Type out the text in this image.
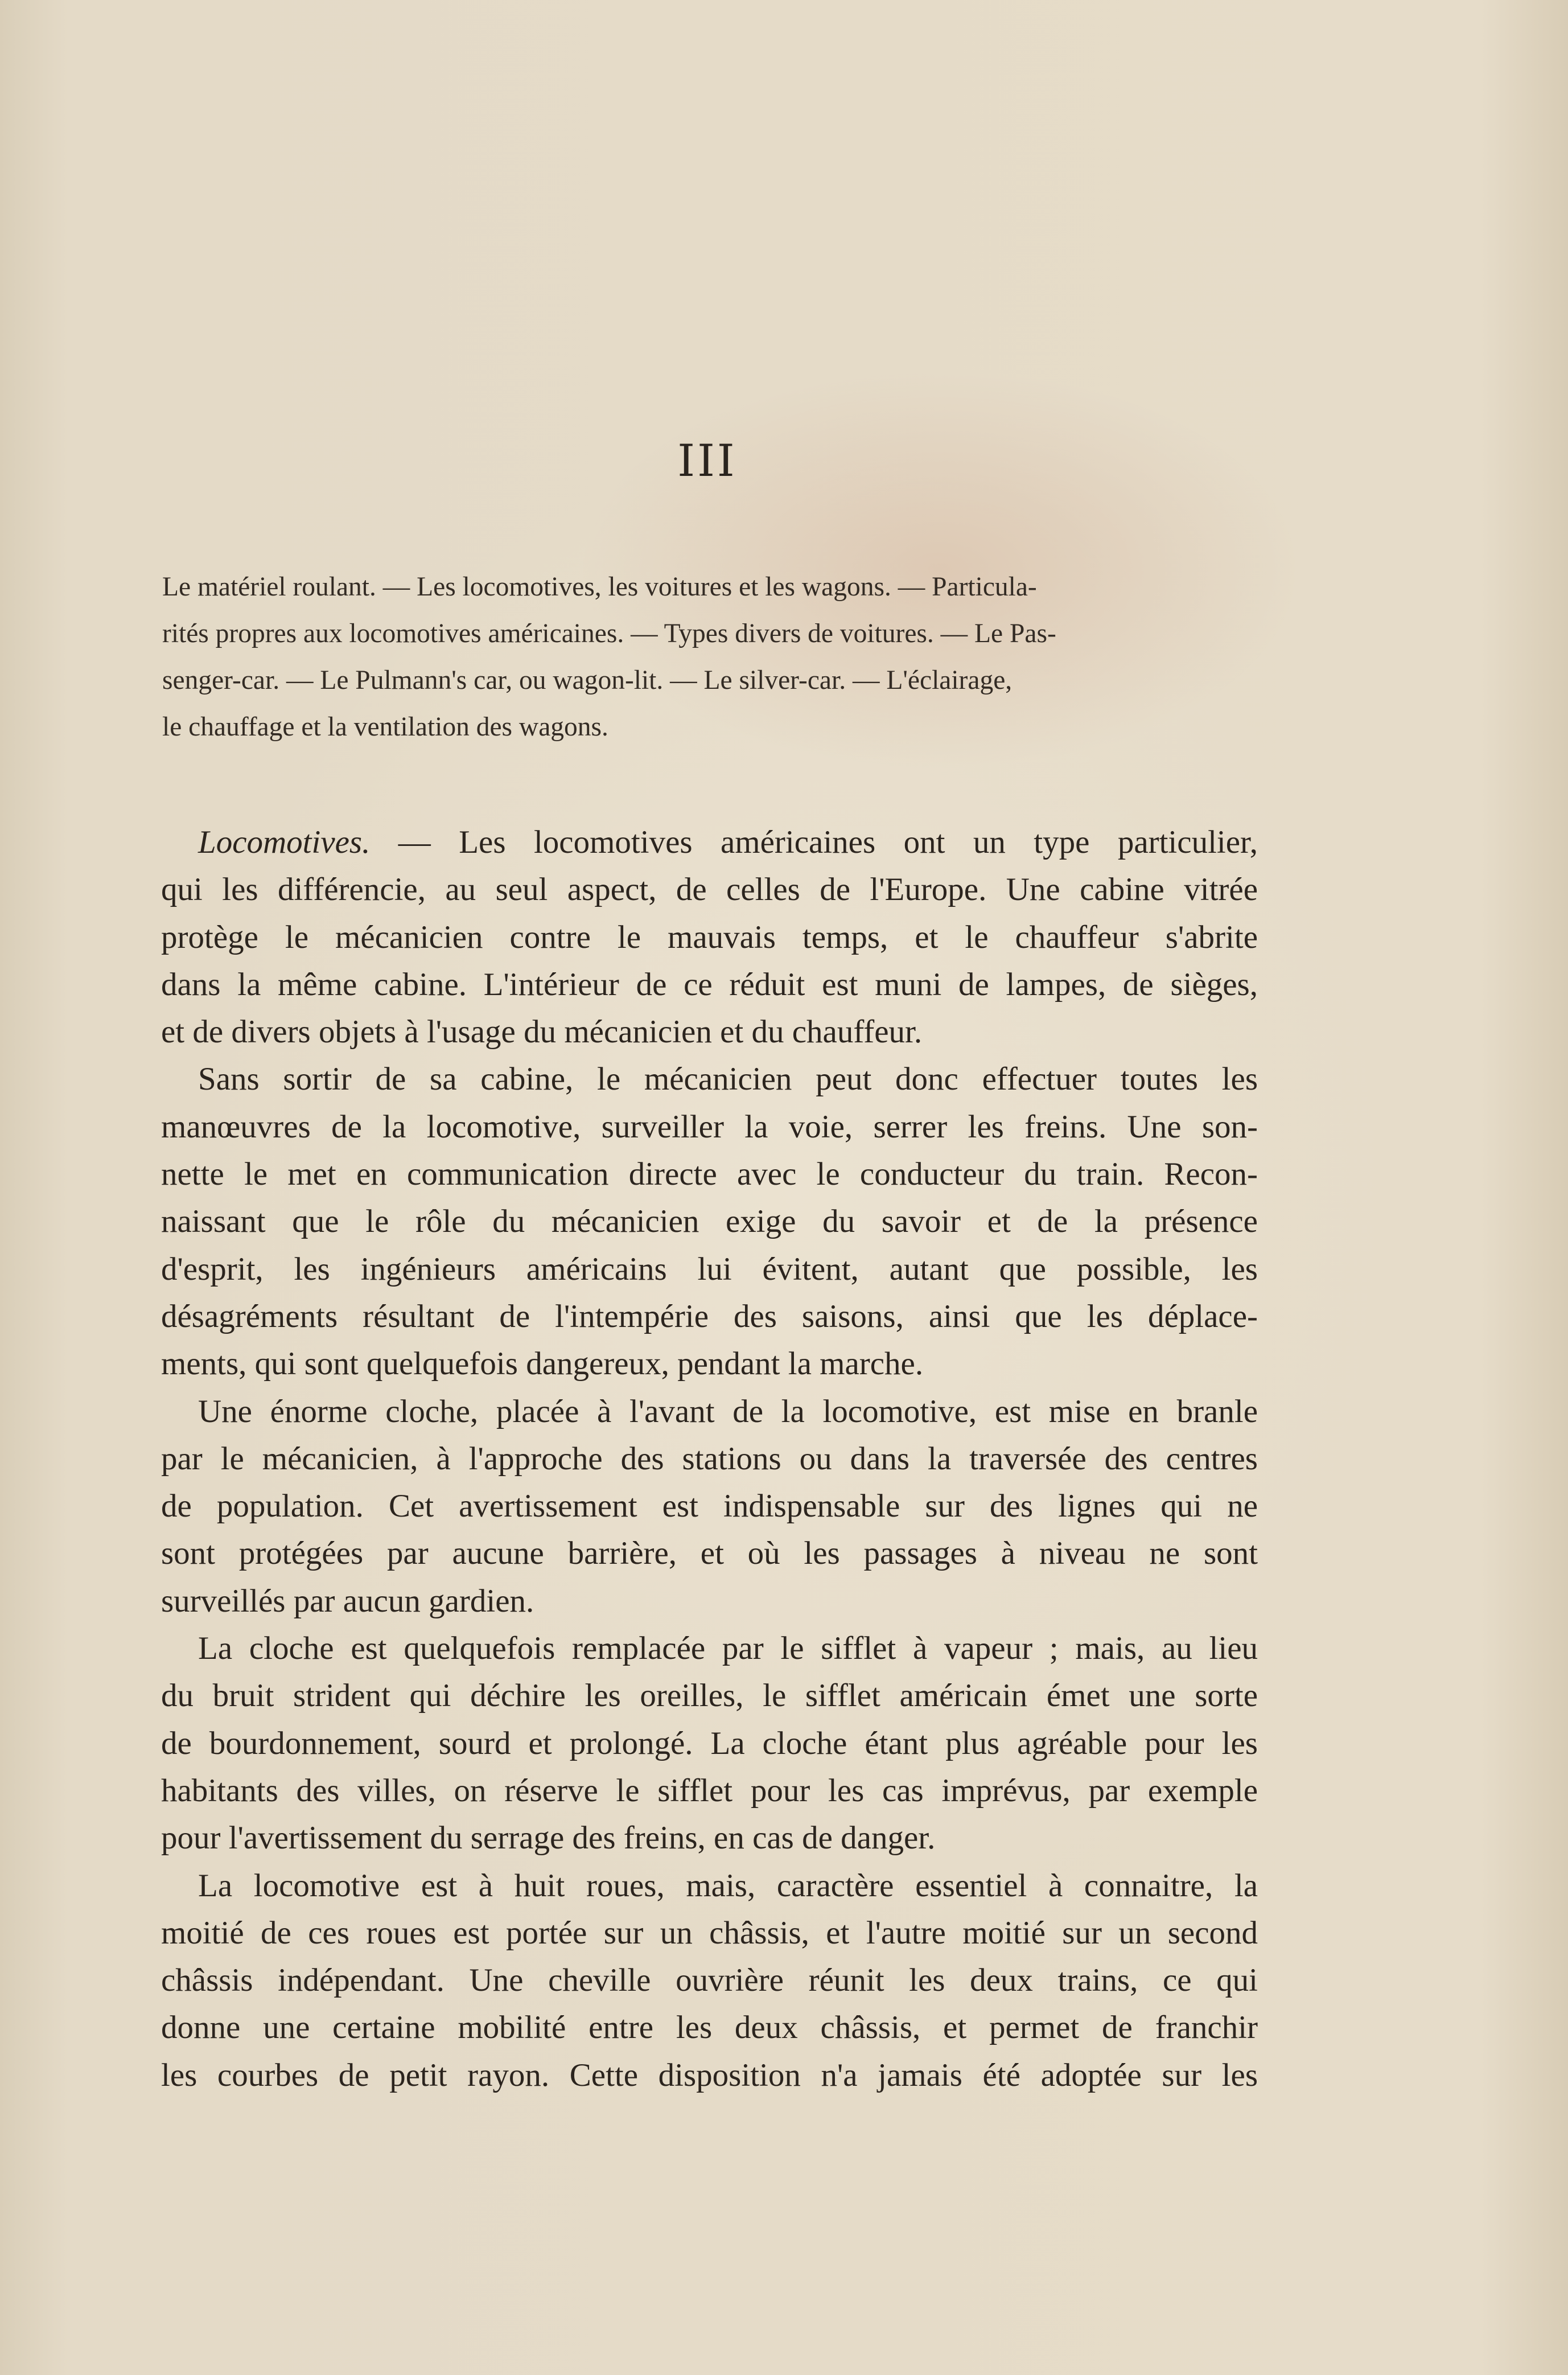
III
Le matériel roulant. — Les locomotives, les voitures et les wagons. — Particula-
rités propres aux locomotives américaines. — Types divers de voitures. — Le Pas-
senger-car. — Le Pulmann's car, ou wagon-lit. — Le silver-car. — L'éclairage,
le chauffage et la ventilation des wagons.
Locomotives. — Les locomotives américaines ont un type particulier,
qui les différencie, au seul aspect, de celles de l'Europe. Une cabine vitrée
protège le mécanicien contre le mauvais temps, et le chauffeur s'abrite
dans la même cabine. L'intérieur de ce réduit est muni de lampes, de sièges,
et de divers objets à l'usage du mécanicien et du chauffeur.
Sans sortir de sa cabine, le mécanicien peut donc effectuer toutes les
manœuvres de la locomotive, surveiller la voie, serrer les freins. Une son-
nette le met en communication directe avec le conducteur du train. Recon-
naissant que le rôle du mécanicien exige du savoir et de la présence
d'esprit, les ingénieurs américains lui évitent, autant que possible, les
désagréments résultant de l'intempérie des saisons, ainsi que les déplace-
ments, qui sont quelquefois dangereux, pendant la marche.
Une énorme cloche, placée à l'avant de la locomotive, est mise en branle
par le mécanicien, à l'approche des stations ou dans la traversée des centres
de population. Cet avertissement est indispensable sur des lignes qui ne
sont protégées par aucune barrière, et où les passages à niveau ne sont
surveillés par aucun gardien.
La cloche est quelquefois remplacée par le sifflet à vapeur ; mais, au lieu
du bruit strident qui déchire les oreilles, le sifflet américain émet une sorte
de bourdonnement, sourd et prolongé. La cloche étant plus agréable pour les
habitants des villes, on réserve le sifflet pour les cas imprévus, par exemple
pour l'avertissement du serrage des freins, en cas de danger.
La locomotive est à huit roues, mais, caractère essentiel à connaitre, la
moitié de ces roues est portée sur un châssis, et l'autre moitié sur un second
châssis indépendant. Une cheville ouvrière réunit les deux trains, ce qui
donne une certaine mobilité entre les deux châssis, et permet de franchir
les courbes de petit rayon. Cette disposition n'a jamais été adoptée sur les
